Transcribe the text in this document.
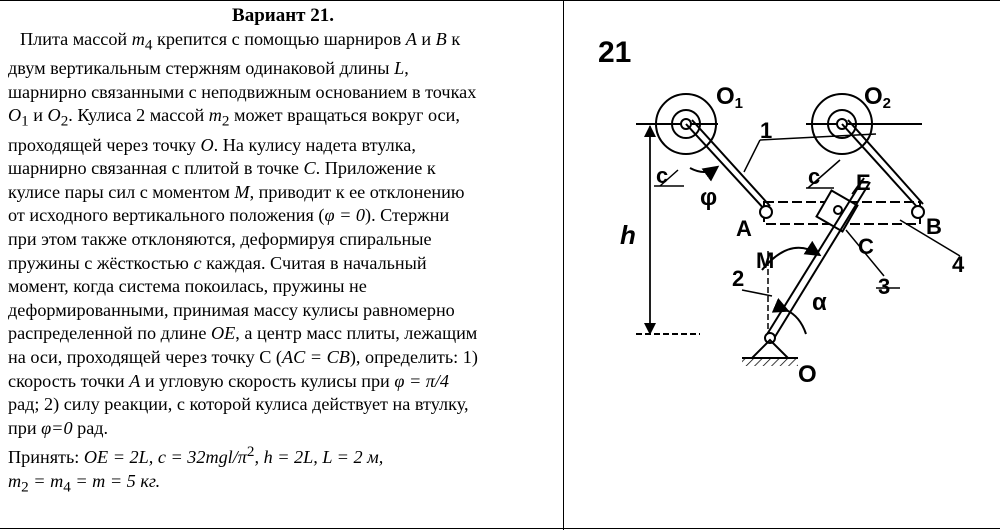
Вариант 21.

Плита массой $m_4$ крепится с помощью шарниров A и B к
двум вертикальным стержням одинаковой длины L,
шарнирно связанными с неподвижным основанием в точках
$O_1$ и $O_2$. Кулиса 2 массой $m_2$ может вращаться вокруг оси,
проходящей через точку O. На кулису надета втулка,
шарнирно связанная с плитой в точке C. Приложение к
кулисе пары сил с моментом M, приводит к ее отклонению
от исходного вертикального положения (φ = 0). Стержни
при этом также отклоняются, деформируя спиральные
пружины с жёсткостью c каждая. Считая в начальный
момент, когда система покоилась, пружины не
деформированными, принимая массу кулисы равномерно
распределенной по длине OE, а центр масс плиты, лежащим
на оси, проходящей через точку С (AC = CB), определить: 1)
скорость точки A и угловую скорость кулисы при φ = π/4
рад; 2) силу реакции, с которой кулиса действует на втулку,
при φ=0 рад.
Принять: OE = 2L, $c = 32mgl/\pi^2$, h = 2L, L = 2 м,
$m_2 = m_4 = m = 5$ кг.

21
O1	O2
1
c	c E
φ
A	B
h
M
C
2	3
4
α
O
